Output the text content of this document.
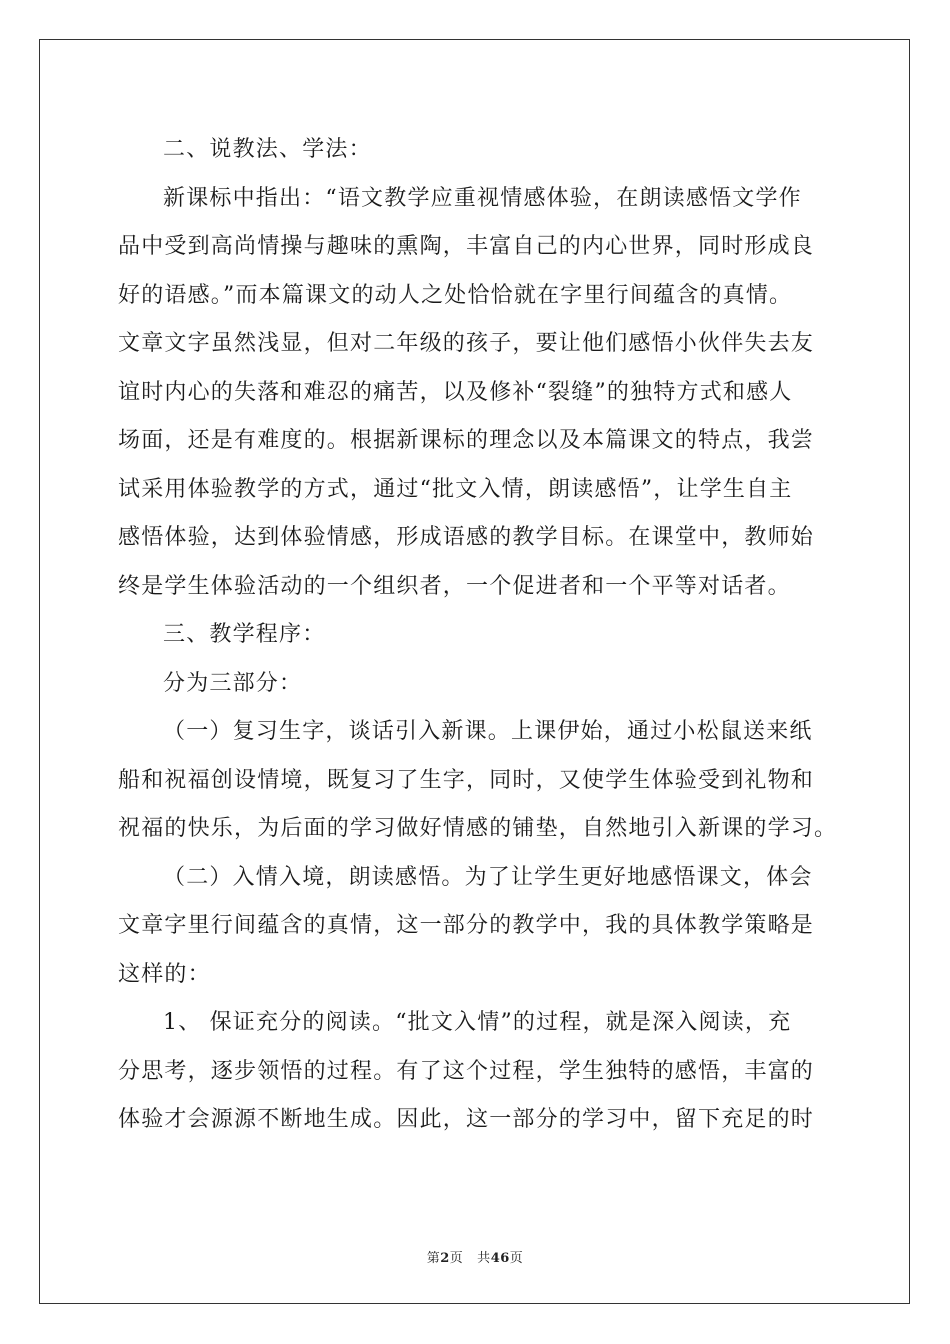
二、说教法、学法：

新课标中指出：“语文教学应重视情感体验，在朗读感悟文学作

品中受到高尚情操与趣味的熏陶，丰富自己的内心世界，同时形成良

好的语感。”而本篇课文的动人之处恰恰就在字里行间蕴含的真情。

文章文字虽然浅显，但对二年级的孩子，要让他们感悟小伙伴失去友

谊时内心的失落和难忍的痛苦，以及修补“裂缝”的独特方式和感人

场面，还是有难度的。根据新课标的理念以及本篇课文的特点，我尝

试采用体验教学的方式，通过“批文入情，朗读感悟”，让学生自主

感悟体验，达到体验情感，形成语感的教学目标。在课堂中，教师始

终是学生体验活动的一个组织者，一个促进者和一个平等对话者。

三、教学程序：

分为三部分：

（一）复习生字，谈话引入新课。上课伊始，通过小松鼠送来纸

船和祝福创设情境，既复习了生字，同时，又使学生体验受到礼物和

祝福的快乐，为后面的学习做好情感的铺垫，自然地引入新课的学习。

（二）入情入境，朗读感悟。为了让学生更好地感悟课文，体会

文章字里行间蕴含的真情，这一部分的教学中，我的具体教学策略是

这样的：

1、 保证充分的阅读。“批文入情”的过程，就是深入阅读，充

分思考，逐步领悟的过程。有了这个过程，学生独特的感悟，丰富的

体验才会源源不断地生成。因此，这一部分的学习中，留下充足的时

第2页 共46页
